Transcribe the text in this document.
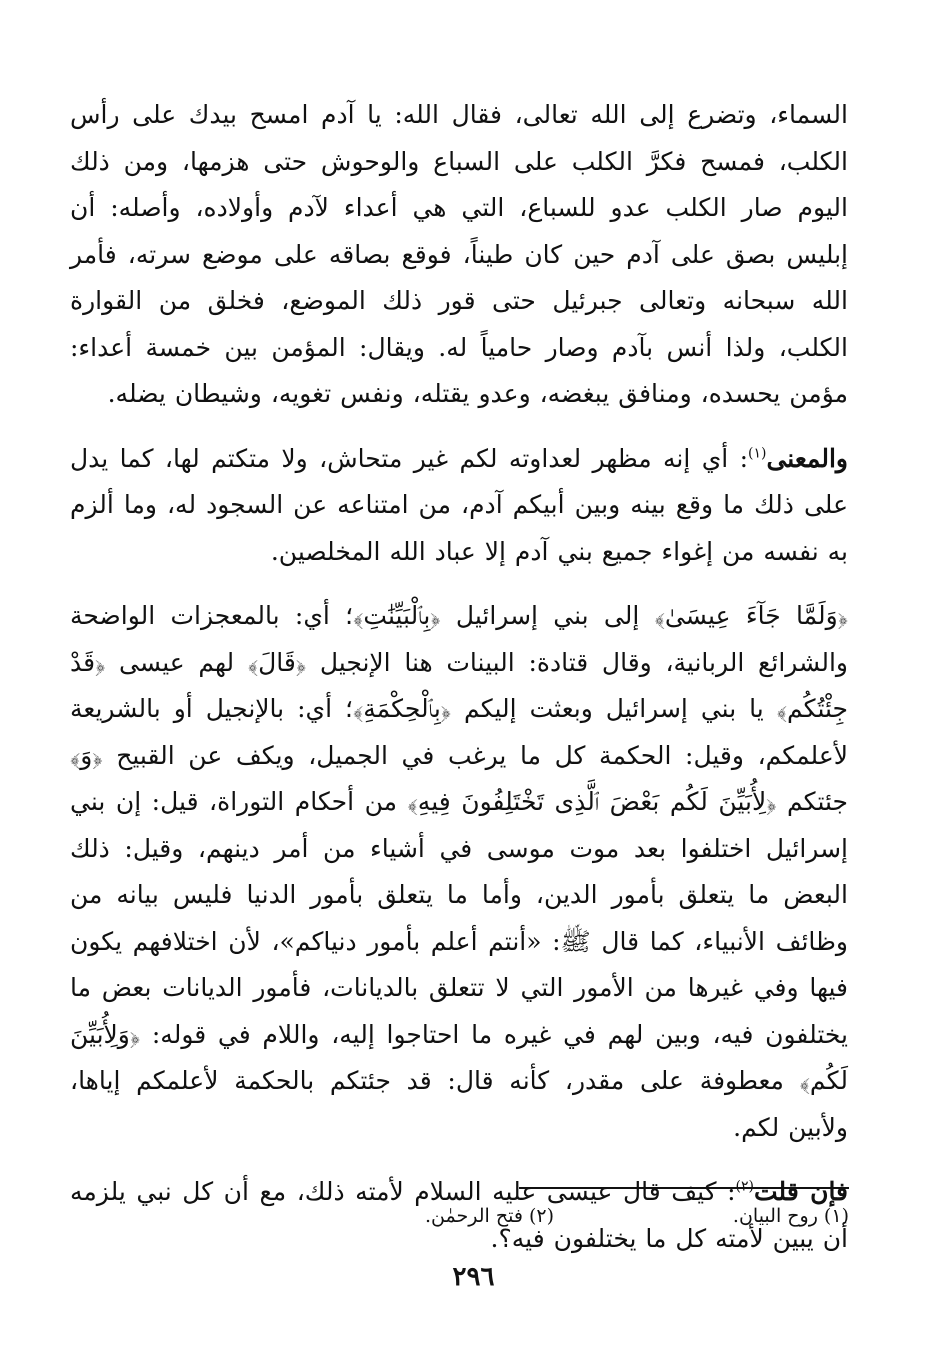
السماء، وتضرع إلى الله تعالى، فقال الله: يا آدم امسح بيدك على رأس الكلب، فمسح فكرَّ الكلب على السباع والوحوش حتى هزمها، ومن ذلك اليوم صار الكلب عدو للسباع، التي هي أعداء لآدم وأولاده، وأصله: أن إبليس بصق على آدم حين كان طيناً، فوقع بصاقه على موضع سرته، فأمر الله سبحانه وتعالى جبرئيل حتى قور ذلك الموضع، فخلق من القوارة الكلب، ولذا أنس بآدم وصار حامياً له. ويقال: المؤمن بين خمسة أعداء: مؤمن يحسده، ومنافق يبغضه، وعدو يقتله، ونفس تغويه، وشيطان يضله.

والمعنى$^{(١)}$: أي إنه مظهر لعداوته لكم غير متحاش، ولا متكتم لها، كما يدل على ذلك ما وقع بينه وبين أبيكم آدم، من امتناعه عن السجود له، وما ألزم به نفسه من إغواء جميع بني آدم إلا عباد الله المخلصين.

﴿وَلَمَّا جَآءَ عِيسَىٰ﴾ إلى بني إسرائيل ﴿بِٱلْبَيِّنَٰتِ﴾؛ أي: بالمعجزات الواضحة والشرائع الربانية، وقال قتادة: البينات هنا الإنجيل ﴿قَالَ﴾ لهم عيسى ﴿قَدْ جِئْتُكُم﴾ يا بني إسرائيل وبعثت إليكم ﴿بِٱلْحِكْمَةِ﴾؛ أي: بالإنجيل أو بالشريعة لأعلمكم، وقيل: الحكمة كل ما يرغب في الجميل، ويكف عن القبيح ﴿وَ﴾ جئتكم ﴿لِأُبَيِّنَ لَكُم بَعْضَ ٱلَّذِى تَخْتَلِفُونَ فِيهِ﴾ من أحكام التوراة، قيل: إن بني إسرائيل اختلفوا بعد موت موسى في أشياء من أمر دينهم، وقيل: ذلك البعض ما يتعلق بأمور الدين، وأما ما يتعلق بأمور الدنيا فليس بيانه من وظائف الأنبياء، كما قال ﷺ: «أنتم أعلم بأمور دنياكم»، لأن اختلافهم يكون فيها وفي غيرها من الأمور التي لا تتعلق بالديانات، فأمور الديانات بعض ما يختلفون فيه، وبين لهم في غيره ما احتاجوا إليه، واللام في قوله: ﴿وَلِأُبَيِّنَ لَكُم﴾ معطوفة على مقدر، كأنه قال: قد جئتكم بالحكمة لأعلمكم إياها، ولأبين لكم.

فإن قلت$^{(٢)}$: كيف قال عيسى عليه السلام لأمته ذلك، مع أن كل نبي يلزمه أن يبين لأمته كل ما يختلفون فيه؟.

(١) روح البيان.
(٢) فتح الرحمٰن.
٢٩٦
